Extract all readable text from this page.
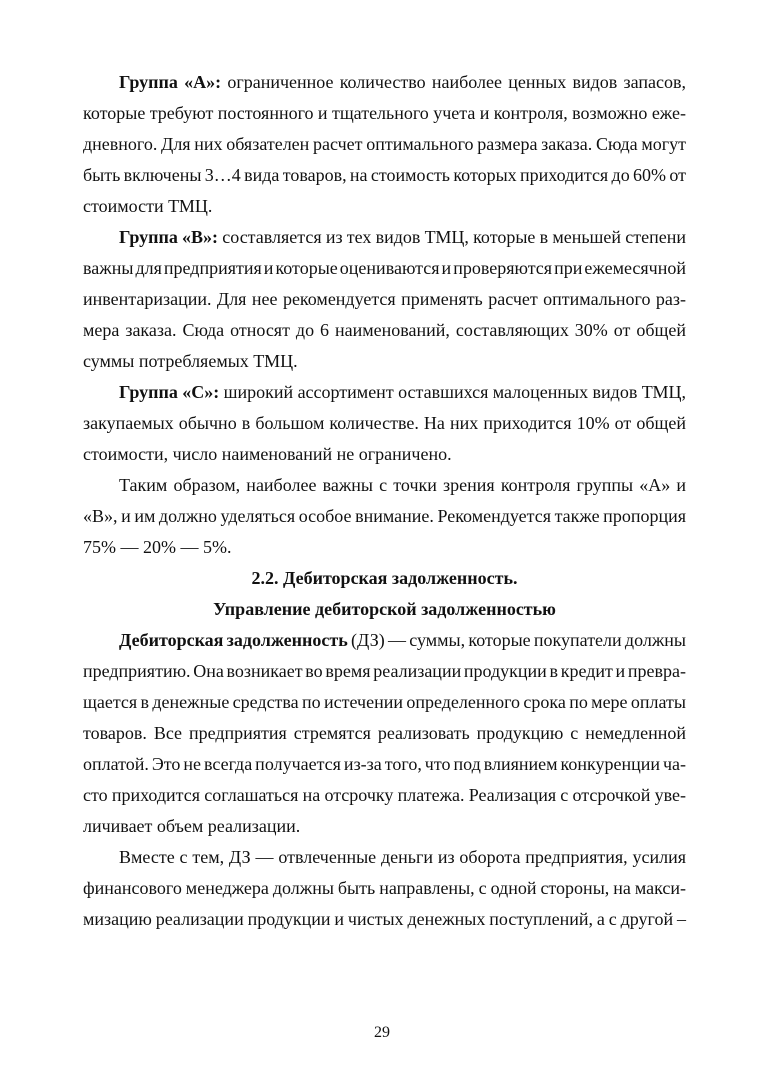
Группа «А»: ограниченное количество наиболее ценных видов запасов,
которые требуют постоянного и тщательного учета и контроля, возможно еже-
дневного. Для них обязателен расчет оптимального размера заказа. Сюда могут
быть включены 3…4 вида товаров, на стоимость которых приходится до 60% от
стоимости ТМЦ.
Группа «В»: составляется из тех видов ТМЦ, которые в меньшей степени
важны для предприятия и которые оцениваются и проверяются при ежемесячной
инвентаризации. Для нее рекомендуется применять расчет оптимального раз-
мера заказа. Сюда относят до 6 наименований, составляющих 30% от общей
суммы потребляемых ТМЦ.
Группа «С»: широкий ассортимент оставшихся малоценных видов ТМЦ,
закупаемых обычно в большом количестве. На них приходится 10% от общей
стоимости, число наименований не ограничено.
Таким образом, наиболее важны с точки зрения контроля группы «А» и
«В», и им должно уделяться особое внимание. Рекомендуется также пропорция
75% — 20% — 5%.
2.2. Дебиторская задолженность.
Управление дебиторской задолженностью
Дебиторская задолженность (ДЗ) — суммы, которые покупатели должны
предприятию. Она возникает во время реализации продукции в кредит и превра-
щается в денежные средства по истечении определенного срока по мере оплаты
товаров. Все предприятия стремятся реализовать продукцию с немедленной
оплатой. Это не всегда получается из-за того, что под влиянием конкуренции ча-
сто приходится соглашаться на отсрочку платежа. Реализация с отсрочкой уве-
личивает объем реализации.
Вместе с тем, ДЗ — отвлеченные деньги из оборота предприятия, усилия
финансового менеджера должны быть направлены, с одной стороны, на макси-
мизацию реализации продукции и чистых денежных поступлений, а с другой –
29
